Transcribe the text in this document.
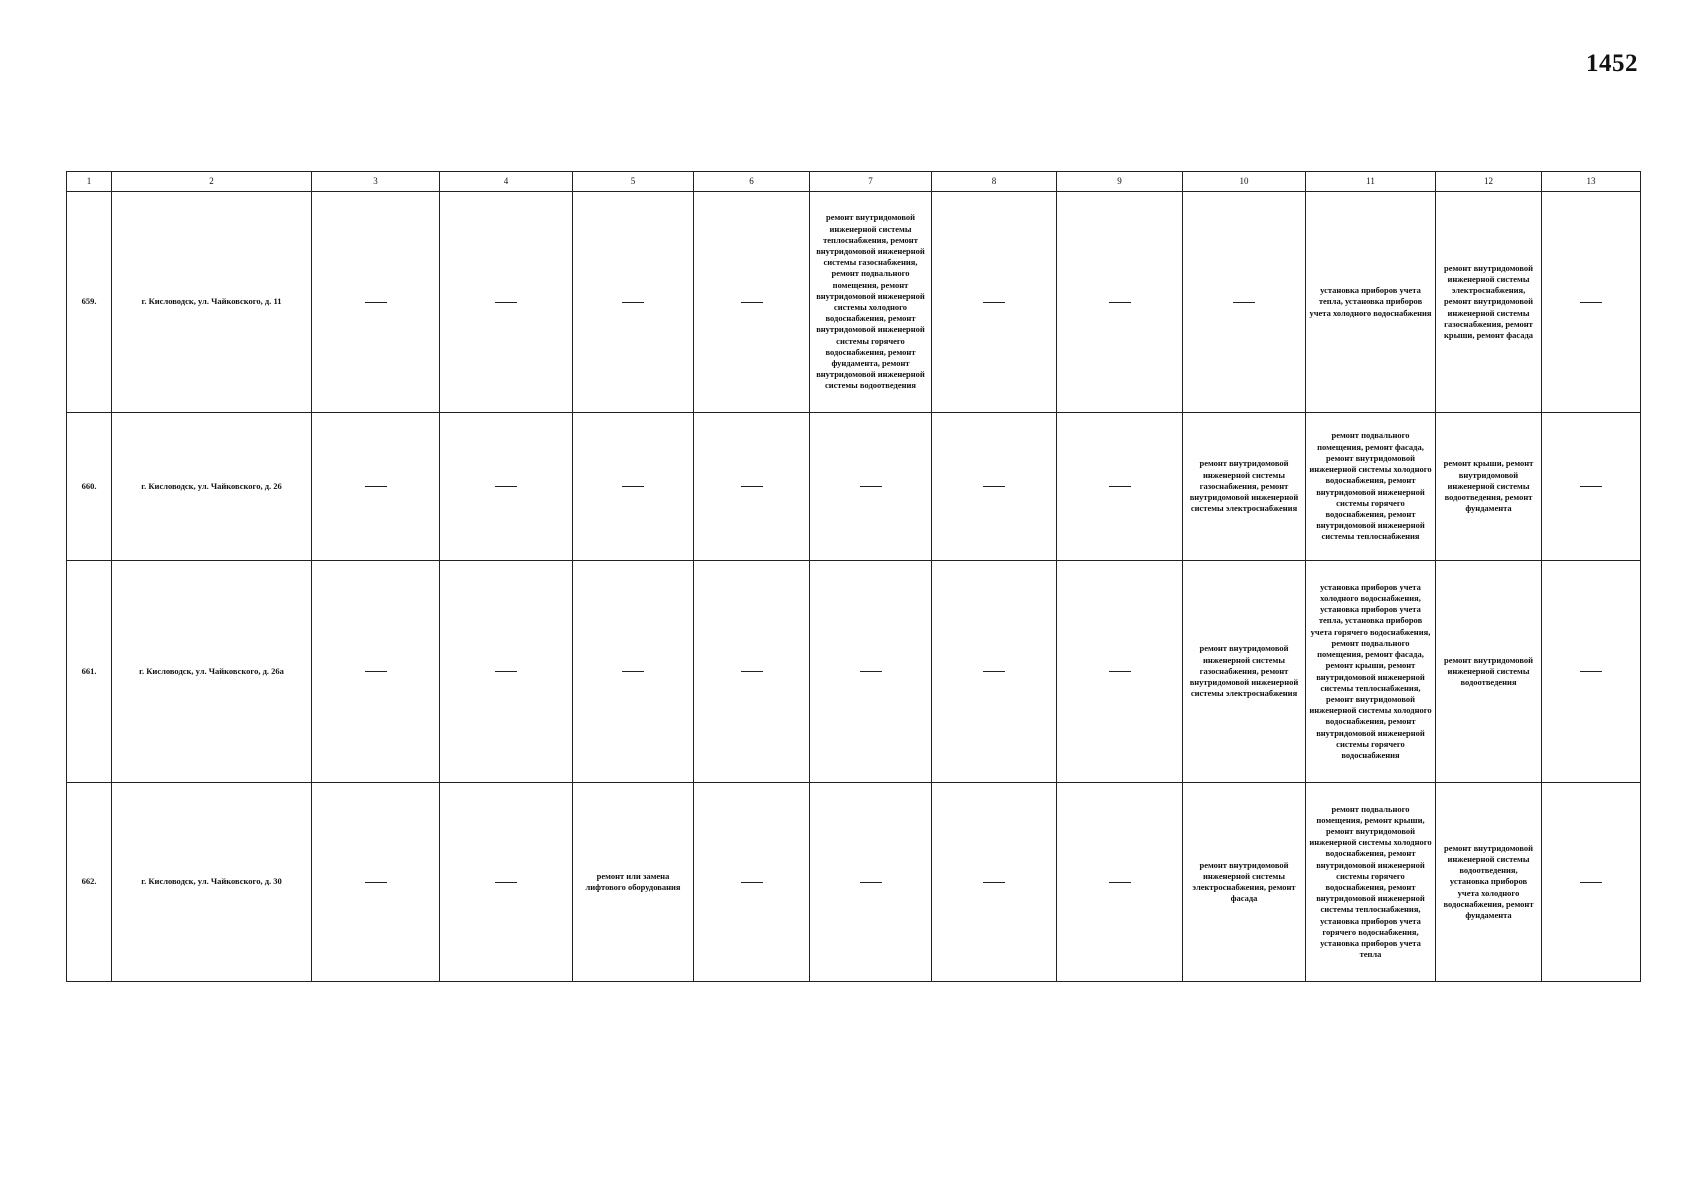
1452
1	2	3	4	5	6	7	8	9	10	11	12	13
659.	г. Кисловодск, ул. Чайковского, д. 11					ремонт внутридомовой инженерной системы теплоснабжения, ремонт внутридомовой инженерной системы газоснабжения, ремонт подвального помещения, ремонт внутридомовой инженерной системы холодного водоснабжения, ремонт внутридомовой инженерной системы горячего водоснабжения, ремонт фундамента, ремонт внутридомовой инженерной системы водоотведения				установка приборов учета тепла, установка приборов учета холодного водоснабжения	ремонт внутридомовой инженерной системы электроснабжения, ремонт внутридомовой инженерной системы газоснабжения, ремонт крыши, ремонт фасада	
660.	г. Кисловодск, ул. Чайковского, д. 26								ремонт внутридомовой инженерной системы газоснабжения, ремонт внутридомовой инженерной системы электроснабжения	ремонт подвального помещения, ремонт фасада, ремонт внутридомовой инженерной системы холодного водоснабжения, ремонт внутридомовой инженерной системы горячего водоснабжения, ремонт внутридомовой инженерной системы теплоснабжения	ремонт крыши, ремонт внутридомовой инженерной системы водоотведения, ремонт фундамента	
661.	г. Кисловодск, ул. Чайковского, д. 26а								ремонт внутридомовой инженерной системы газоснабжения, ремонт внутридомовой инженерной системы электроснабжения	установка приборов учета холодного водоснабжения, установка приборов учета тепла, установка приборов учета горячего водоснабжения, ремонт подвального помещения, ремонт фасада, ремонт крыши, ремонт внутридомовой инженерной системы теплоснабжения, ремонт внутридомовой инженерной системы холодного водоснабжения, ремонт внутридомовой инженерной системы горячего водоснабжения	ремонт внутридомовой инженерной системы водоотведения	
662.	г. Кисловодск, ул. Чайковского, д. 30			ремонт или замена лифтового оборудования					ремонт внутридомовой инженерной системы электроснабжения, ремонт фасада	ремонт подвального помещения, ремонт крыши, ремонт внутридомовой инженерной системы холодного водоснабжения, ремонт внутридомовой инженерной системы горячего водоснабжения, ремонт внутридомовой инженерной системы теплоснабжения, установка приборов учета горячего водоснабжения, установка приборов учета тепла	ремонт внутридомовой инженерной системы водоотведения, установка приборов учета холодного водоснабжения, ремонт фундамента	
